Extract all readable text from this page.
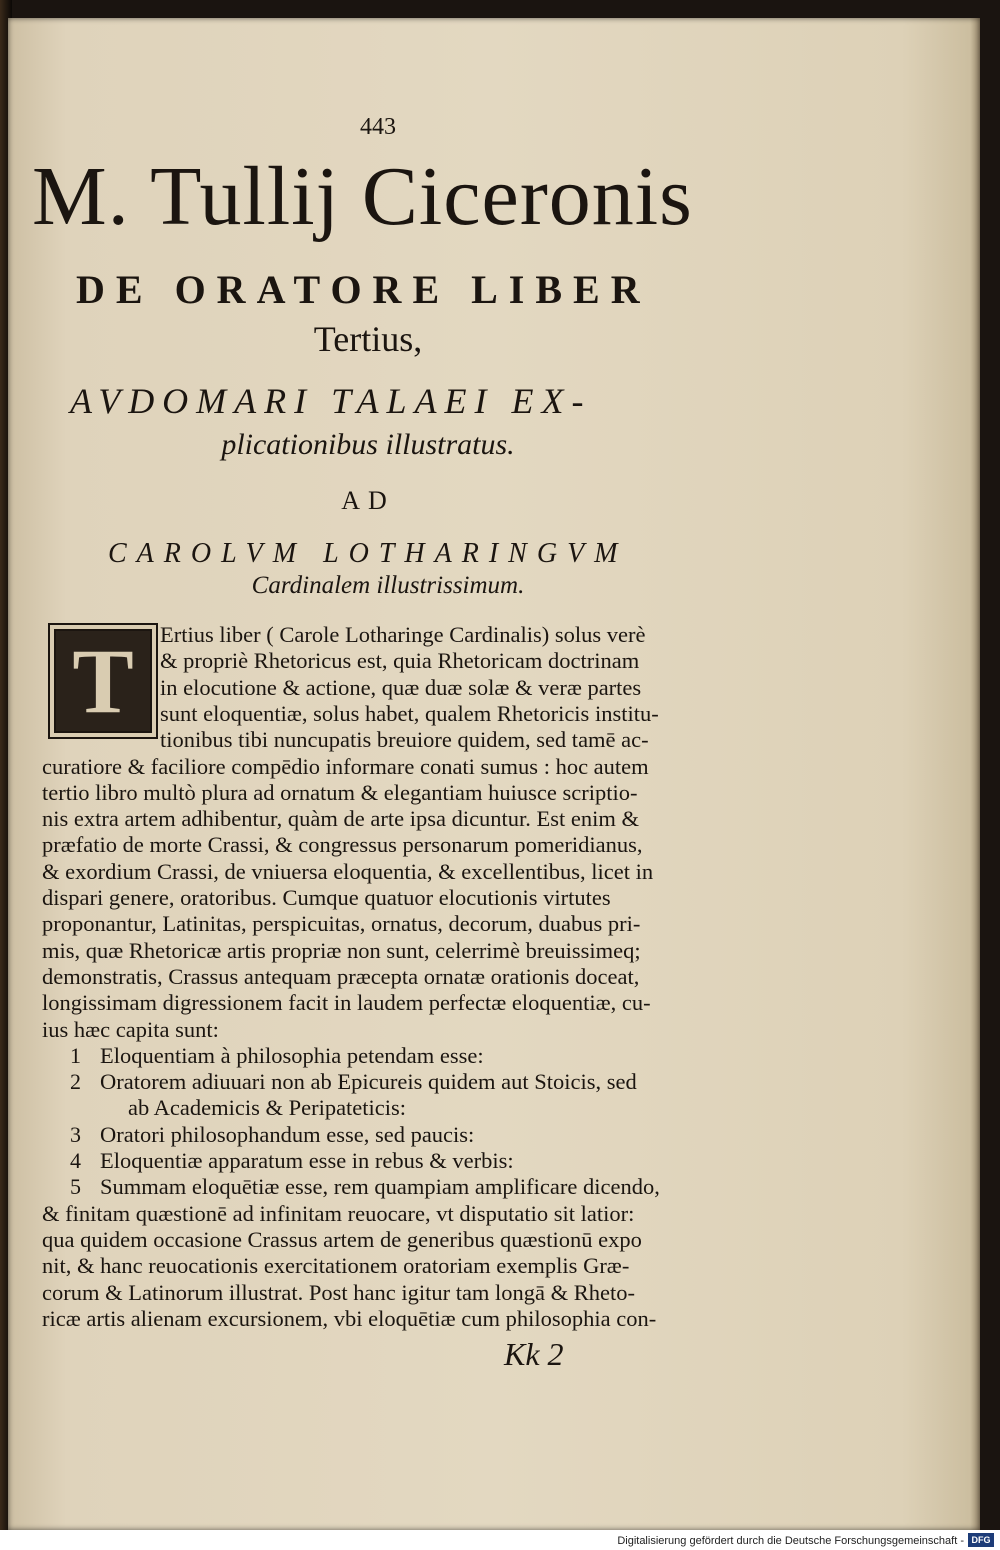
443
M. Tullij Ciceronis
DE ORATORE LIBER
Tertius,
AVDOMARI TALAEI EX-
plicationibus illustratus.
AD
CAROLVM LOTHARINGVM
Cardinalem illustrissimum.
T Ertius liber ( Carole Lotharinge Cardinalis) solus verè
& propriè Rhetoricus est, quia Rhetoricam doctrinam
in elocutione & actione, quæ duæ solæ & veræ partes
sunt eloquentiæ, solus habet, qualem Rhetoricis institu-
tionibus tibi nuncupatis breuiore quidem, sed tamē ac-
curatiore & faciliore compēdio informare conati sumus : hoc autem
tertio libro multò plura ad ornatum & elegantiam huiusce scriptio-
nis extra artem adhibentur, quàm de arte ipsa dicuntur. Est enim &
præfatio de morte Crassi, & congressus personarum pomeridianus,
& exordium Crassi, de vniuersa eloquentia, & excellentibus, licet in
dispari genere, oratoribus. Cumque quatuor elocutionis virtutes
proponantur, Latinitas, perspicuitas, ornatus, decorum, duabus pri-
mis, quæ Rhetoricæ artis propriæ non sunt, celerrimè breuissimeq;
demonstratis, Crassus antequam præcepta ornatæ orationis doceat,
longissimam digressionem facit in laudem perfectæ eloquentiæ, cu-
ius hæc capita sunt:
1 Eloquentiam à philosophia petendam esse:
2 Oratorem adiuuari non ab Epicureis quidem aut Stoicis, sed
ab Academicis & Peripateticis:
3 Oratori philosophandum esse, sed paucis:
4 Eloquentiæ apparatum esse in rebus & verbis:
5 Summam eloquētiæ esse, rem quampiam amplificare dicendo,
& finitam quæstionē ad infinitam reuocare, vt disputatio sit latior:
qua quidem occasione Crassus artem de generibus quæstionū expo
nit, & hanc reuocationis exercitationem oratoriam exemplis Græ-
corum & Latinorum illustrat. Post hanc igitur tam longā & Rheto-
ricæ artis alienam excursionem, vbi eloquētiæ cum philosophia con-
Kk 2
Digitalisierung gefördert durch die Deutsche Forschungsgemeinschaft - DFG
